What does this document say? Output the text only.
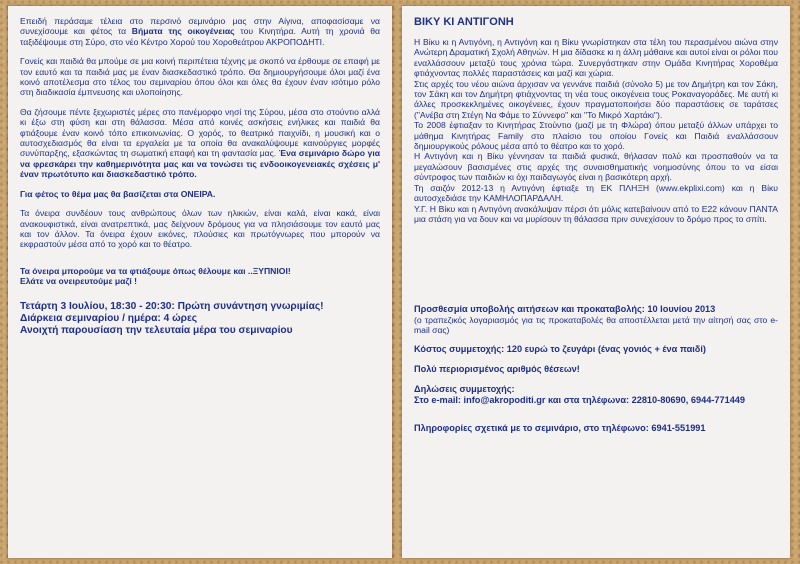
Επειδή περάσαμε τέλεια στο περσινό σεμινάριο μας στην Αίγινα, αποφασίσαμε να συνεχίσουμε και φέτος τα Βήματα της οικογένειας του Κινητήρα. Αυτή τη χρονιά θα ταξιδέψουμε στη Σύρο, στο νέο Κέντρο Χορού του Χοροθεάτρου ΑΚΡΟΠΟΔΗΤΙ.

Γονείς και παιδιά θα μπούμε σε μια κοινή περιπέτεια τέχνης με σκοπό να έρθουμε σε επαφή με τον εαυτό και τα παιδιά μας με έναν διασκεδαστικό τρόπο. Θα δημιουργήσουμε όλοι μαζί ένα κοινό αποτέλεσμα στο τέλος του σεμιναρίου όπου όλοι και όλες θα έχουν έναν ισότιμο ρόλο στη διαδικασία έμπνευσης και υλοποίησης.

Θα ζήσουμε πέντε ξεχωριστές μέρες στο πανέμορφο νησί της Σύρου, μέσα στο στούντιο αλλά κι έξω στη φύση και στη θάλασσα. Μέσα από κοινές ασκήσεις ενήλικες και παιδιά θα φτιάξουμε έναν κοινό τόπο επικοινωνίας. Ο χορός, το θεατρικό παιχνίδι, η μουσική και ο αυτοσχεδιασμός θα είναι τα εργαλεία με τα οποία θα ανακαλύψουμε καινούργιες μορφές συνύπαρξης, εξασκώντας τη σωματική επαφή και τη φαντασία μας. Ένα σεμινάριο δώρο για να φρεσκάρει την καθημερινότητα μας και να τονώσει τις ενδοοικογενειακές σχέσεις μ' έναν πρωτότυπο και διασκεδαστικό τρόπο.

Για φέτος το θέμα μας θα βασίζεται στα ΟΝΕΙΡΑ.

Τα όνειρα συνδέουν τους ανθρώπους όλων των ηλικιών, είναι καλά, είναι κακά, είναι ανακουφιστικά, είναι ανατρεπτικά, μας δείχνουν δρόμους για να πλησιάσουμε τον εαυτό μας και τον άλλον. Τα όνειρα έχουν εικόνες, πλούσιες και πρωτόγνωρες που μπορούν να εκφραστούν μέσα από το χορό και το θέατρο.

Τα όνειρα μπορούμε να τα φτιάξουμε όπως θέλουμε και ..ΞΥΠΝΙΟΙ!

Ελάτε να ονειρευτούμε μαζί !

Τετάρτη 3 Ιουλίου, 18:30 - 20:30: Πρώτη συνάντηση γνωριμίας!

Διάρκεια σεμιναρίου / ημέρα: 4 ώρες

Ανοιχτή παρουσίαση την τελευταία μέρα του σεμιναρίου

ΒΙΚΥ ΚΙ ΑΝΤΙΓΟΝΗ

Η Βίκυ κι η Αντιγόνη, η Αντιγόνη και η Βίκυ γνωρίστηκαν στα τέλη του περασμένου αιώνα στην Ανώτερη Δραματική Σχολή Αθηνών. Η μια δίδασκε κι η άλλη μάθαινε και αυτοί είναι οι ρόλοι που εναλλάσσουν μεταξύ τους χρόνια τώρα. Συνεργάστηκαν στην Ομάδα Κινητήρας Χοροθέμα φτιάχνοντας πολλές παραστάσεις και μαζί και χώρια.

Στις αρχές του νέου αιώνα άρχισαν να γεννάνε παιδιά (σύνολο 5) με τον Δημήτρη και τον Σάκη, τον Σάκη και τον Δημήτρη φτιάχνοντας τη νέα τους οικογένεια τους Ροκαναγοράδες. Με αυτή κι άλλες προσκεκλημένες οικογένειες, έχουν πραγματοποιήσει δύο παραστάσεις σε ταράτσες ("Ανέβα στη Στέγη Να Φάμε το Σύννεφο" και "Το Μικρό Χαρτάκι").

Το 2008 έφτιαξαν το Κινητήρας Στούντιο (μαζί με τη Φλώρα) όπου μεταξύ άλλων υπάρχει το μάθημα Κινητήρας Family στο πλαίσιο του οποίου Γονείς και Παιδιά εναλλάσσουν δημιουργικούς ρόλους μέσα από το θέατρο και το χορό.

Η Αντιγόνη και η Βίκυ γέννησαν τα παιδιά φυσικά, θήλασαν πολύ και προσπαθούν να τα μεγαλώσουν βασισμένες στις αρχές της συναισθηματικής νοημοσύνης όπου το να είσαι σύντροφος των παιδιών κι όχι παιδαγωγός είναι η βασικότερη αρχή.

Τη σαιζόν 2012-13 η Αντιγόνη έφτιαξε τη ΕΚ ΠΛΗΞΗ (www.ekplixi.com) και η Βίκυ αυτοσχεδιάσε την ΚΑΜΗΛΟΠΑΡΔΑΛΗ.

Υ.Γ. Η Βίκυ και η Αντιγόνη ανακάλυψαν πέρσι ότι μόλις κατεβαίνουν από το Ε22 κάνουν ΠΑΝΤΑ μια στάση για να δουν και να μυρίσουν τη θάλασσα πριν συνεχίσουν το δρόμο προς το σπίτι.

Προσθεσμία υποβολής αιτήσεων και προκαταβολής: 10 Ιουνίου 2013

(ο τραπεζικός λογαριασμός για τις προκαταβολές θα αποστέλλεται μετά την αίτησή σας στο e-mail σας)

Κόστος συμμετοχής: 120 ευρώ το ζευγάρι (ένας γονιός + ένα παιδί)

Πολύ περιορισμένος αριθμός θέσεων!

Δηλώσεις συμμετοχής:

Στο e-mail: info@akropoditi.gr και στα τηλέφωνα: 22810-80690, 6944-771449

Πληροφορίες σχετικά με το σεμινάριο, στο τηλέφωνο: 6941-551991
